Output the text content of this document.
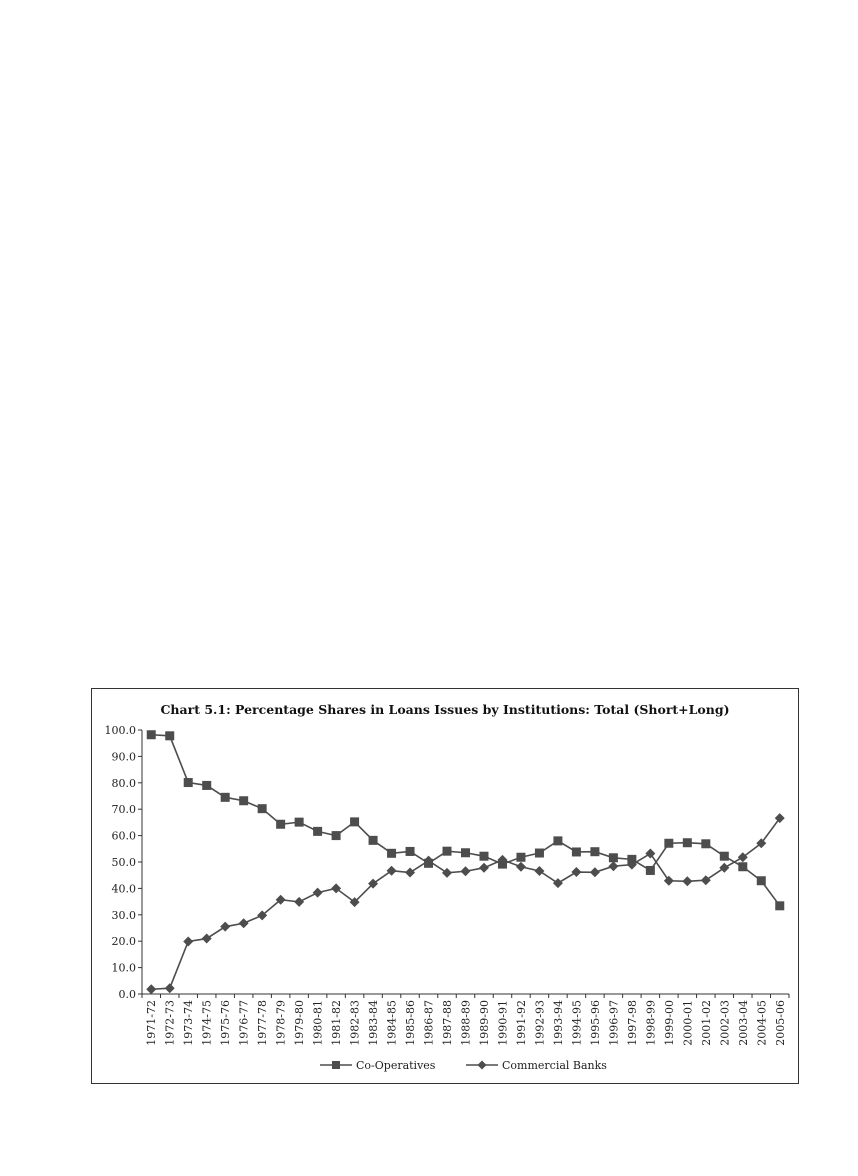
Chart 5.1: Percentage Shares in Loans Issues by Institutions: Total (Short+Long)
0.0
10.0
20.0
30.0
40.0
50.0
60.0
70.0
80.0
90.0
100.0
1971-72 1972-73 1973-74 1974-75 1975-76 1976-77 1977-78 1978-79 1979-80 1980-81 1981-82 1982-83 1983-84 1984-85 1985-86 1986-87 1987-88 1988-89 1989-90 1990-91 1991-92 1992-93 1993-94 1994-95 1995-96 1996-97 1997-98 1998-99 1999-00 2000-01 2001-02 2002-03 2003-04 2004-05 2005-06
Co-Operatives	Commercial Banks
